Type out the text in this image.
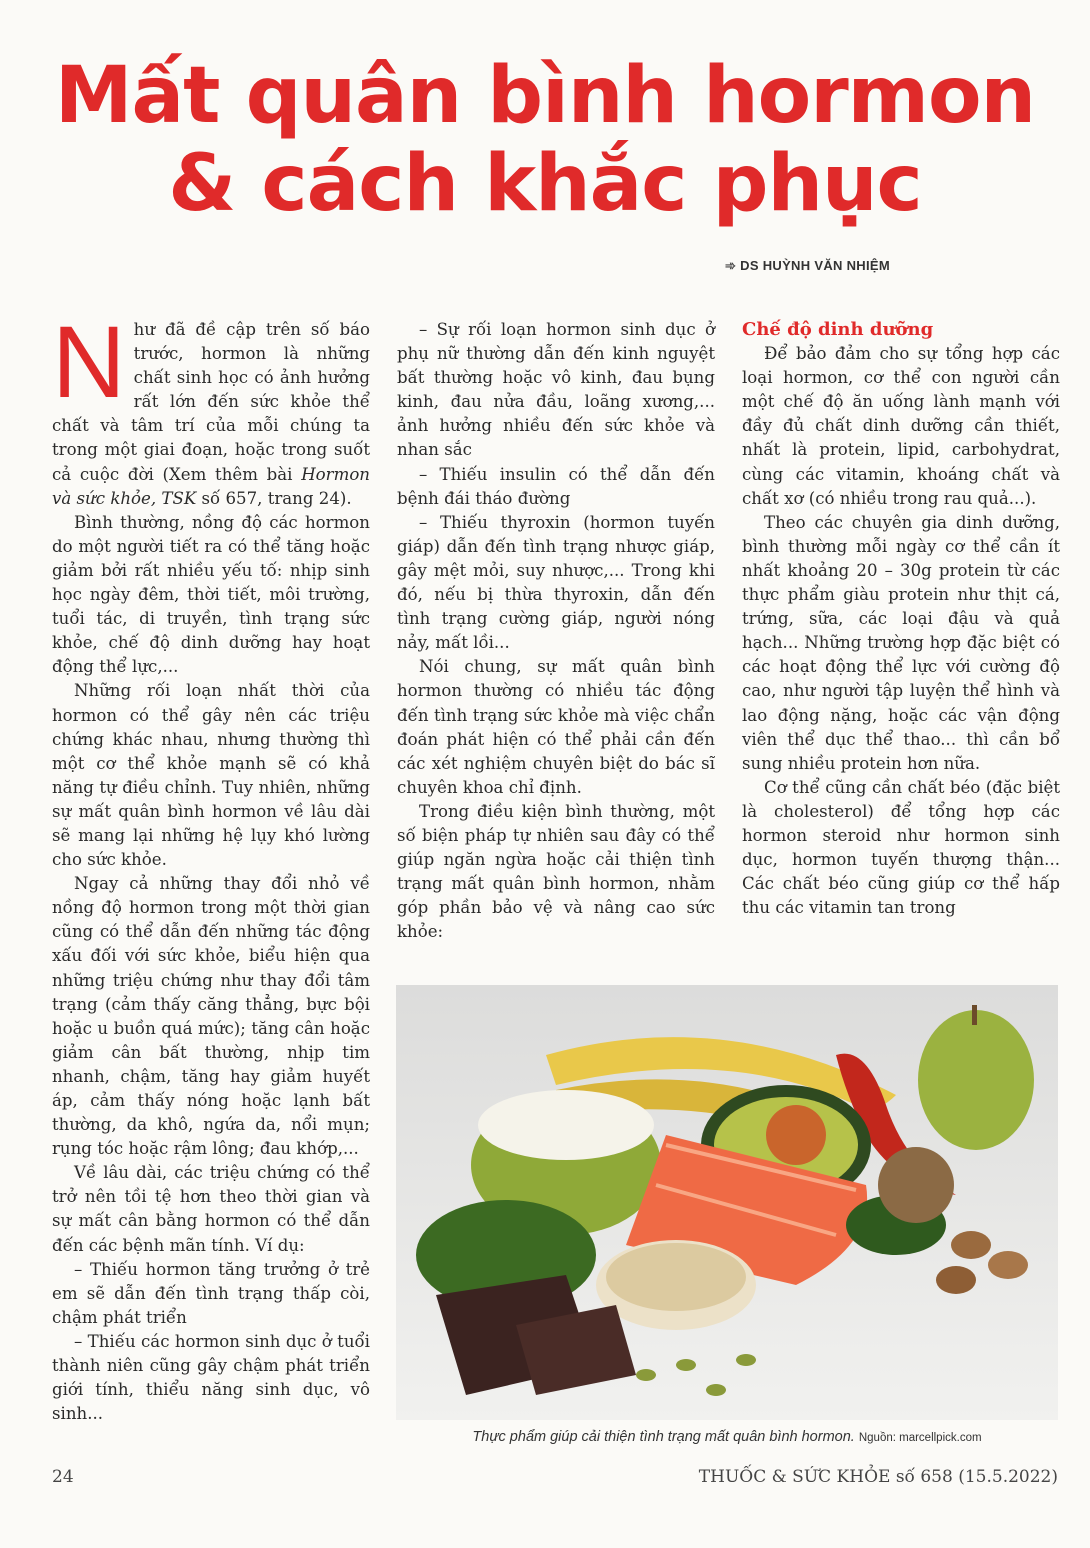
Mất quân bình hormon
& cách khắc phục
➾ DS HUỲNH VĂN NHIỆM

Như đã đề cập trên số báo trước, hormon là những chất sinh học có ảnh hưởng rất lớn đến sức khỏe thể chất và tâm trí của mỗi chúng ta trong một giai đoạn, hoặc trong suốt cả cuộc đời (Xem thêm bài Hormon và sức khỏe, TSK số 657, trang 24).

Bình thường, nồng độ các hormon do một người tiết ra có thể tăng hoặc giảm bởi rất nhiều yếu tố: nhịp sinh học ngày đêm, thời tiết, môi trường, tuổi tác, di truyền, tình trạng sức khỏe, chế độ dinh dưỡng hay hoạt động thể lực,...

Những rối loạn nhất thời của hormon có thể gây nên các triệu chứng khác nhau, nhưng thường thì một cơ thể khỏe mạnh sẽ có khả năng tự điều chỉnh. Tuy nhiên, những sự mất quân bình hormon về lâu dài sẽ mang lại những hệ lụy khó lường cho sức khỏe.

Ngay cả những thay đổi nhỏ về nồng độ hormon trong một thời gian cũng có thể dẫn đến những tác động xấu đối với sức khỏe, biểu hiện qua những triệu chứng như thay đổi tâm trạng (cảm thấy căng thẳng, bực bội hoặc u buồn quá mức); tăng cân hoặc giảm cân bất thường, nhịp tim nhanh, chậm, tăng hay giảm huyết áp, cảm thấy nóng hoặc lạnh bất thường, da khô, ngứa da, nổi mụn; rụng tóc hoặc rậm lông; đau khớp,...

Về lâu dài, các triệu chứng có thể trở nên tồi tệ hơn theo thời gian và sự mất cân bằng hormon có thể dẫn đến các bệnh mãn tính. Ví dụ:

– Thiếu hormon tăng trưởng ở trẻ em sẽ dẫn đến tình trạng thấp còi, chậm phát triển

– Thiếu các hormon sinh dục ở tuổi thành niên cũng gây chậm phát triển giới tính, thiểu năng sinh dục, vô sinh...

– Sự rối loạn hormon sinh dục ở phụ nữ thường dẫn đến kinh nguyệt bất thường hoặc vô kinh, đau bụng kinh, đau nửa đầu, loãng xương,... ảnh hưởng nhiều đến sức khỏe và nhan sắc

– Thiếu insulin có thể dẫn đến bệnh đái tháo đường

– Thiếu thyroxin (hormon tuyến giáp) dẫn đến tình trạng nhược giáp, gây mệt mỏi, suy nhược,... Trong khi đó, nếu bị thừa thyroxin, dẫn đến tình trạng cường giáp, người nóng nảy, mất lồi...

Nói chung, sự mất quân bình hormon thường có nhiều tác động đến tình trạng sức khỏe mà việc chẩn đoán phát hiện có thể phải cần đến các xét nghiệm chuyên biệt do bác sĩ chuyên khoa chỉ định.

Trong điều kiện bình thường, một số biện pháp tự nhiên sau đây có thể giúp ngăn ngừa hoặc cải thiện tình trạng mất quân bình hormon, nhằm góp phần bảo vệ và nâng cao sức khỏe:

Chế độ dinh dưỡng

Để bảo đảm cho sự tổng hợp các loại hormon, cơ thể con người cần một chế độ ăn uống lành mạnh với đầy đủ chất dinh dưỡng cần thiết, nhất là protein, lipid, carbohydrat, cùng các vitamin, khoáng chất và chất xơ (có nhiều trong rau quả...).

Theo các chuyên gia dinh dưỡng, bình thường mỗi ngày cơ thể cần ít nhất khoảng 20 – 30g protein từ các thực phẩm giàu protein như thịt cá, trứng, sữa, các loại đậu và quả hạch... Những trường hợp đặc biệt có các hoạt động thể lực với cường độ cao, như người tập luyện thể hình và lao động nặng, hoặc các vận động viên thể dục thể thao... thì cần bổ sung nhiều protein hơn nữa.

Cơ thể cũng cần chất béo (đặc biệt là cholesterol) để tổng hợp các hormon steroid như hormon sinh dục, hormon tuyến thượng thận... Các chất béo cũng giúp cơ thể hấp thu các vitamin tan trong

Thực phẩm giúp cải thiện tình trạng mất quân bình hormon. Nguồn: marcellpick.com
24	THUỐC & SỨC KHỎE số 658 (15.5.2022)
